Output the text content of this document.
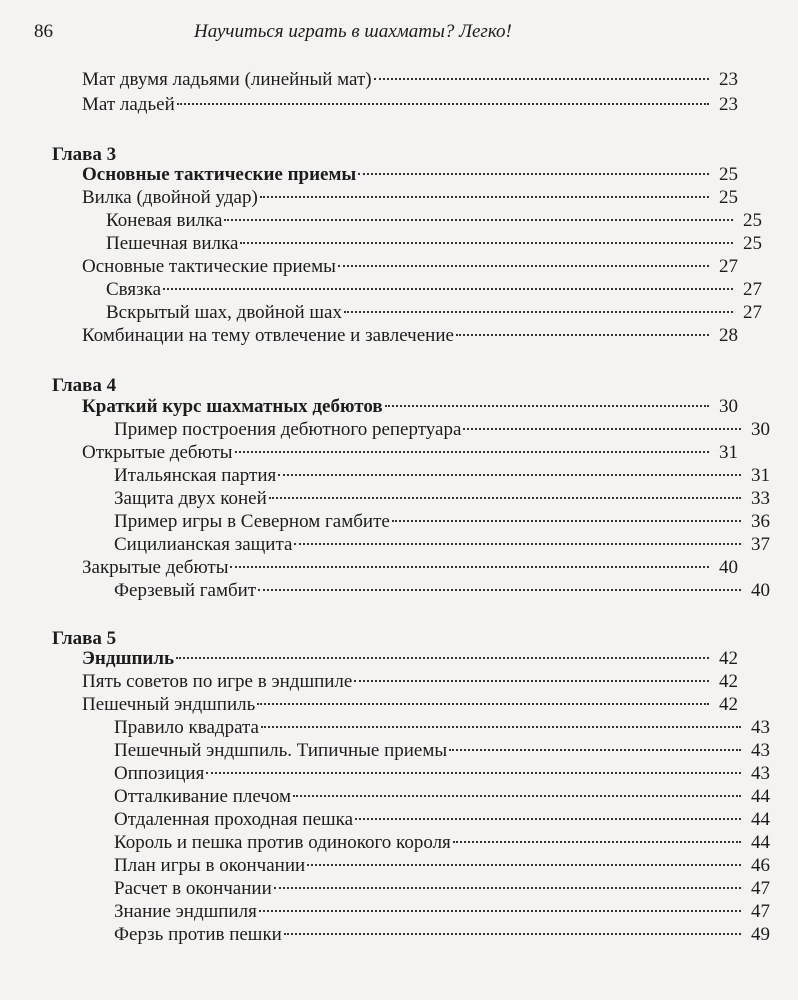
86	Научиться играть в шахматы? Легко!
Мат двумя ладьями (линейный мат)	23
Мат ладьей	23
Глава 3
Основные тактические приемы	25
Вилка (двойной удар)	25
Коневая вилка	25
Пешечная вилка	25
Основные тактические приемы	27
Связка	27
Вскрытый шах, двойной шах	27
Комбинации на тему отвлечение и завлечение	28
Глава 4
Краткий курс шахматных дебютов	30
Пример построения дебютного репертуара	30
Открытые дебюты	31
Итальянская партия	31
Защита двух коней	33
Пример игры в Северном гамбите	36
Сицилианская защита	37
Закрытые дебюты	40
Ферзевый гамбит	40
Глава 5
Эндшпиль	42
Пять советов по игре в эндшпиле	42
Пешечный эндшпиль	42
Правило квадрата	43
Пешечный эндшпиль. Типичные приемы	43
Оппозиция	43
Отталкивание плечом	44
Отдаленная проходная пешка	44
Король и пешка против одинокого короля	44
План игры в окончании	46
Расчет в окончании	47
Знание эндшпиля	47
Ферзь против пешки	49
